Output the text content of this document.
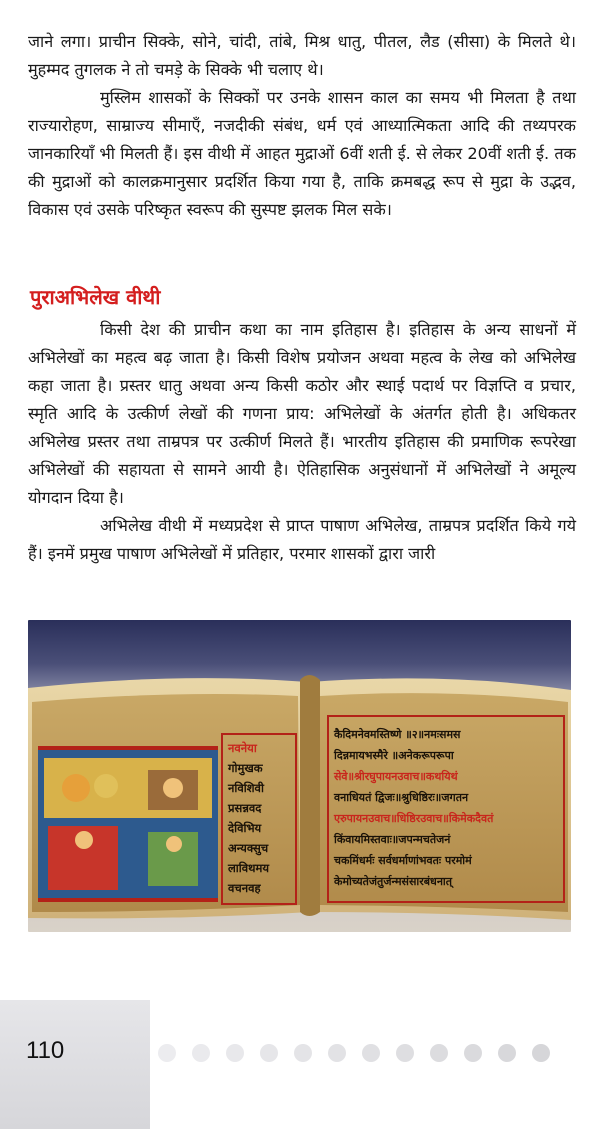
जाने लगा। प्राचीन सिक्के, सोने, चांदी, तांबे, मिश्र धातु, पीतल, लैड (सीसा) के मिलते थे। मुहम्मद तुगलक ने तो चमड़े के सिक्के भी चलाए थे।

मुस्लिम शासकों के सिक्कों पर उनके शासन काल का समय भी मिलता है तथा राज्यारोहण, साम्राज्य सीमाएँ, नजदीकी संबंध, धर्म एवं आध्यात्मिकता आदि की तथ्यपरक जानकारियाँ भी मिलती हैं। इस वीथी में आहत मुद्राओं 6वीं शती ई. से लेकर 20वीं शती ई. तक की मुद्राओं को कालक्रमानुसार प्रदर्शित किया गया है, ताकि क्रमबद्ध रूप से मुद्रा के उद्भव, विकास एवं उसके परिष्कृत स्वरूप की सुस्पष्ट झलक मिल सके।

पुराअभिलेख वीथी

किसी देश की प्राचीन कथा का नाम इतिहास है। इतिहास के अन्य साधनों में अभिलेखों का महत्व बढ़ जाता है। किसी विशेष प्रयोजन अथवा महत्व के लेख को अभिलेख कहा जाता है। प्रस्तर धातु अथवा अन्य किसी कठोर और स्थाई पदार्थ पर विज्ञप्ति व प्रचार, स्मृति आदि के उत्कीर्ण लेखों की गणना प्राय: अभिलेखों के अंतर्गत होती है। अधिकतर अभिलेख प्रस्तर तथा ताम्रपत्र पर उत्कीर्ण मिलते हैं। भारतीय इतिहास की प्रमाणिक रूपरेखा अभिलेखों की सहायता से सामने आयी है। ऐतिहासिक अनुसंधानों में अभिलेखों ने अमूल्य योगदान दिया है।

अभिलेख वीथी में मध्यप्रदेश से प्राप्त पाषाण अभिलेख, ताम्रपत्र प्रदर्शित किये गये हैं। इनमें प्रमुख पाषाण अभिलेखों में प्रतिहार, परमार शासकों द्वारा जारी

नवनेया
गोमुखक
नविशिवी
प्रसन्नवद
देविभिय
अन्यक्सुच
लाविथमय
वचनवह
कैदिमनेवमस्तिष्णे ॥२॥नमःसमस
दिन्नमायभस्मैरे ॥अनेकरूपरूपा
सेवे॥श्रीरघुपायनउवाच॥कथयिथं
वनाधियतं द्विजः॥श्रुधिष्ठिरः॥जगतन
एरुपायनउवाच॥धिष्ठिरउवाच॥किमेकदैवतं
किंवायमिस्तवाः॥जपन्मचतेजनं
चकमिंधर्मः सर्वधर्माणांभवतः परमोमं
केमोच्यतेजंतुर्जन्मसंसारबंधनात्
110
